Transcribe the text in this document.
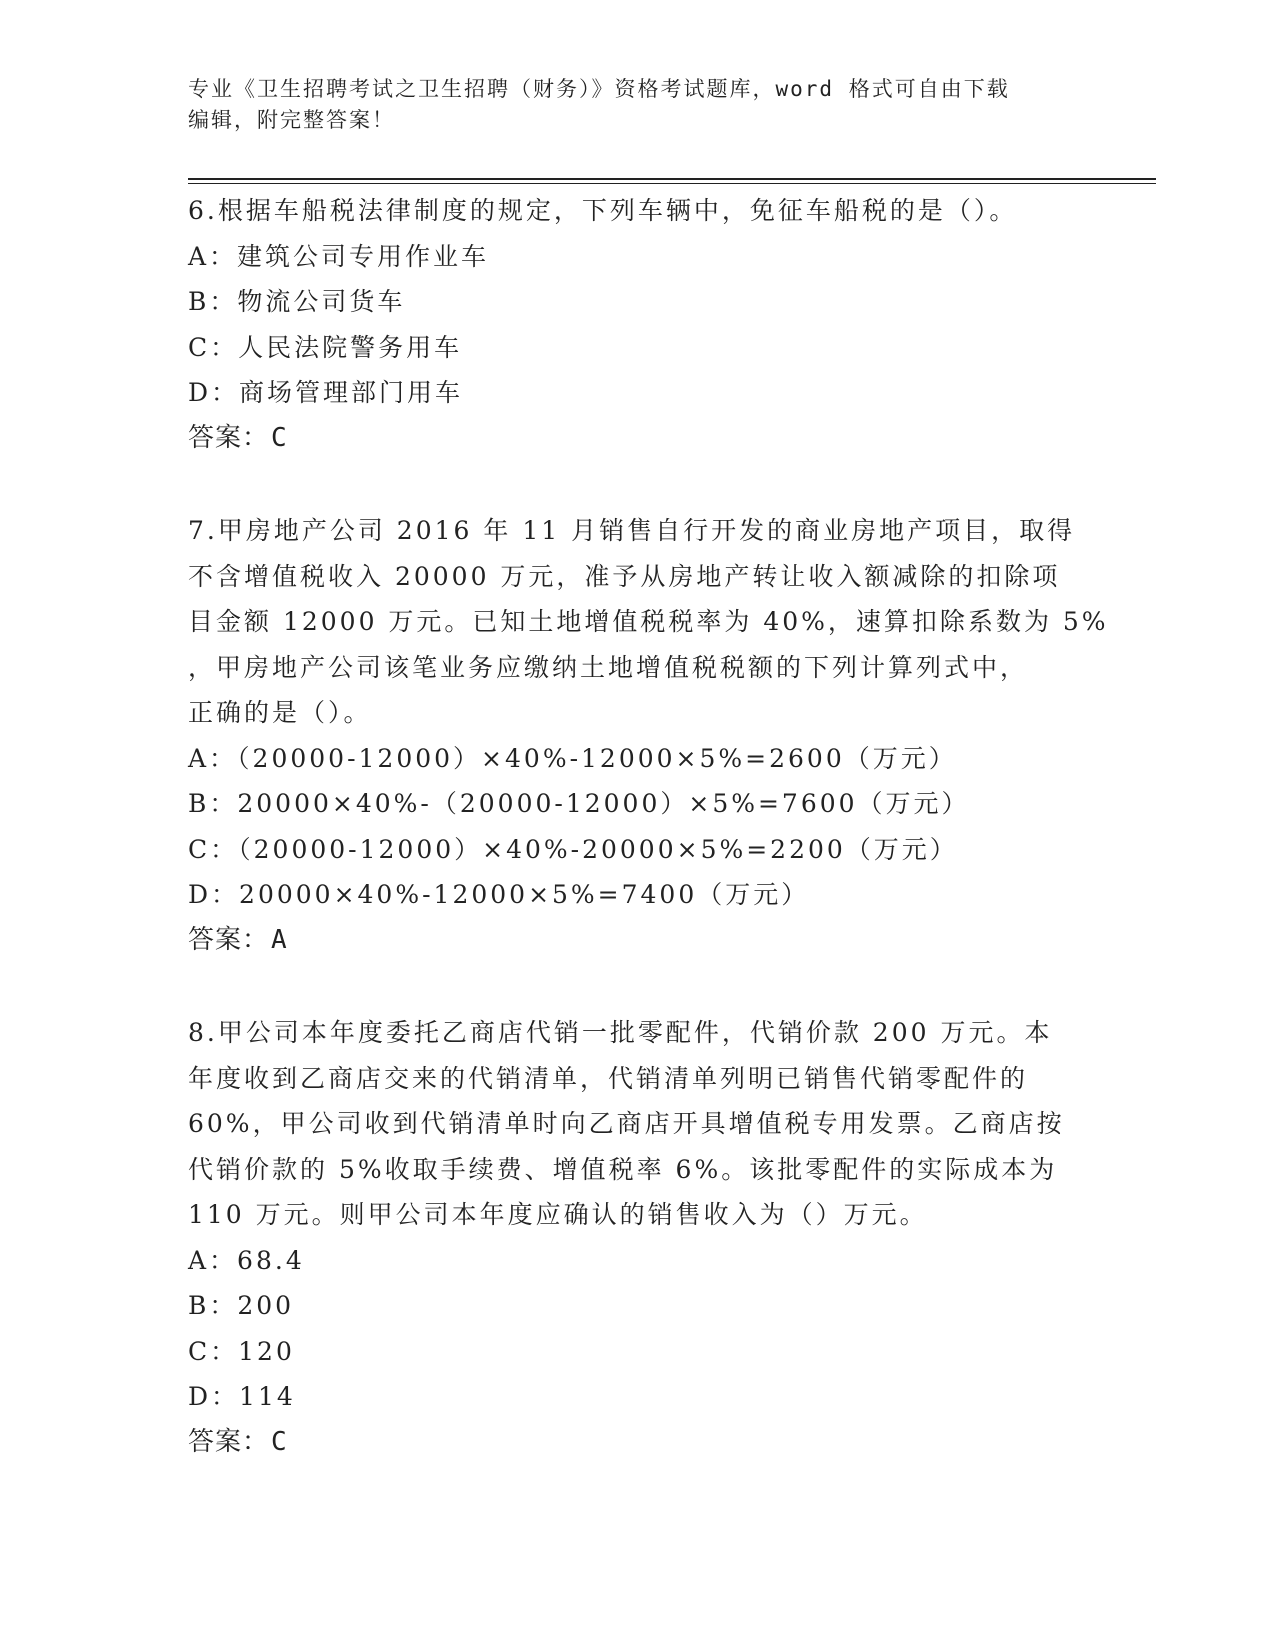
专业《卫生招聘考试之卫生招聘（财务）》资格考试题库，word 格式可自由下载
编辑，附完整答案！
6.根据车船税法律制度的规定，下列车辆中，免征车船税的是（）。
A：建筑公司专用作业车
B：物流公司货车
C：人民法院警务用车
D：商场管理部门用车
答案：C
7.甲房地产公司 2016 年 11 月销售自行开发的商业房地产项目，取得
不含增值税收入 20000 万元，准予从房地产转让收入额减除的扣除项
目金额 12000 万元。已知土地增值税税率为 40%，速算扣除系数为 5%
，甲房地产公司该笔业务应缴纳土地增值税税额的下列计算列式中，
正确的是（）。
A：（20000-12000）×40%-12000×5%=2600（万元）
B：20000×40%-（20000-12000）×5%=7600（万元）
C：（20000-12000）×40%-20000×5%=2200（万元）
D：20000×40%-12000×5%=7400（万元）
答案：A
8.甲公司本年度委托乙商店代销一批零配件，代销价款 200 万元。本
年度收到乙商店交来的代销清单，代销清单列明已销售代销零配件的
60%，甲公司收到代销清单时向乙商店开具增值税专用发票。乙商店按
代销价款的 5%收取手续费、增值税率 6%。该批零配件的实际成本为
110 万元。则甲公司本年度应确认的销售收入为（）万元。
A：68.4
B：200
C：120
D：114
答案：C
